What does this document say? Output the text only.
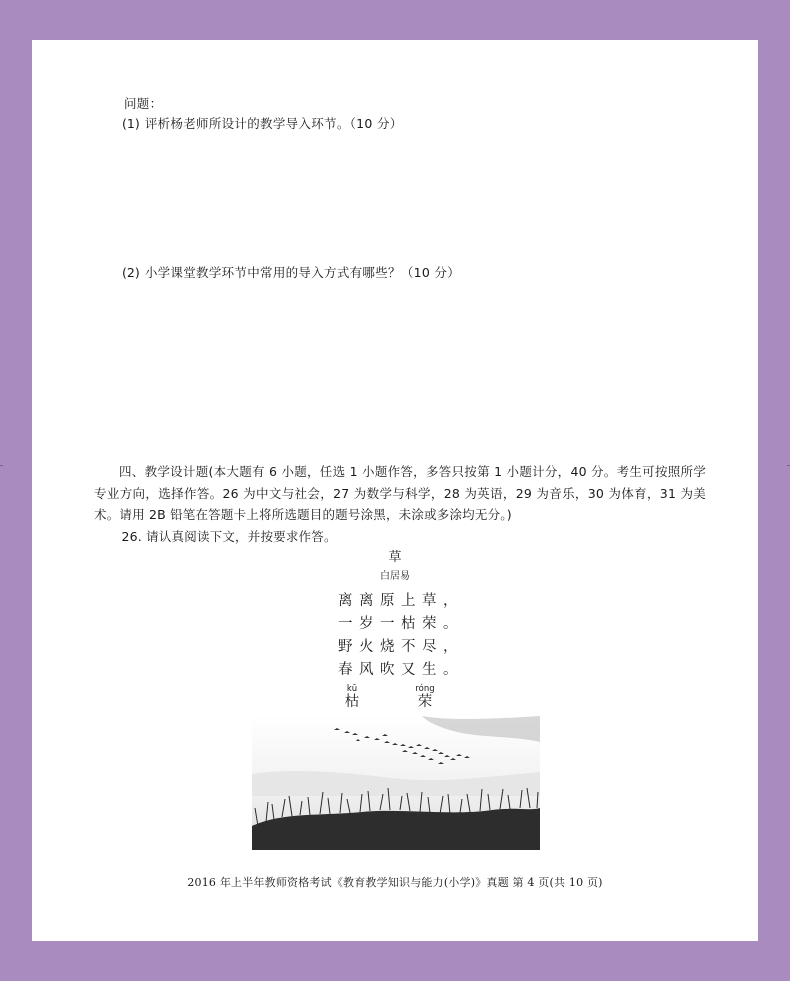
问题：
(1) 评析杨老师所设计的教学导入环节。（10 分）
(2) 小学课堂教学环节中常用的导入方式有哪些？（10 分）

四、教学设计题(本大题有 6 小题，任选 1 小题作答，多答只按第 1 小题计分，40 分。考生可按照所学专业方向，选择作答。26 为中文与社会，27 为数学与科学，28 为英语，29 为音乐，30 为体育，31 为美术。请用 2B 铅笔在答题卡上将所选题目的题号涂黑，未涂或多涂均无分。)

26. 请认真阅读下文，并按要求作答。

草
白居易
离离原上草，
一岁一枯荣。
野火烧不尽，
春风吹又生。
kū
枯
róng
荣
2016 年上半年教师资格考试《教育教学知识与能力(小学)》真题 第 4 页(共 10 页)
